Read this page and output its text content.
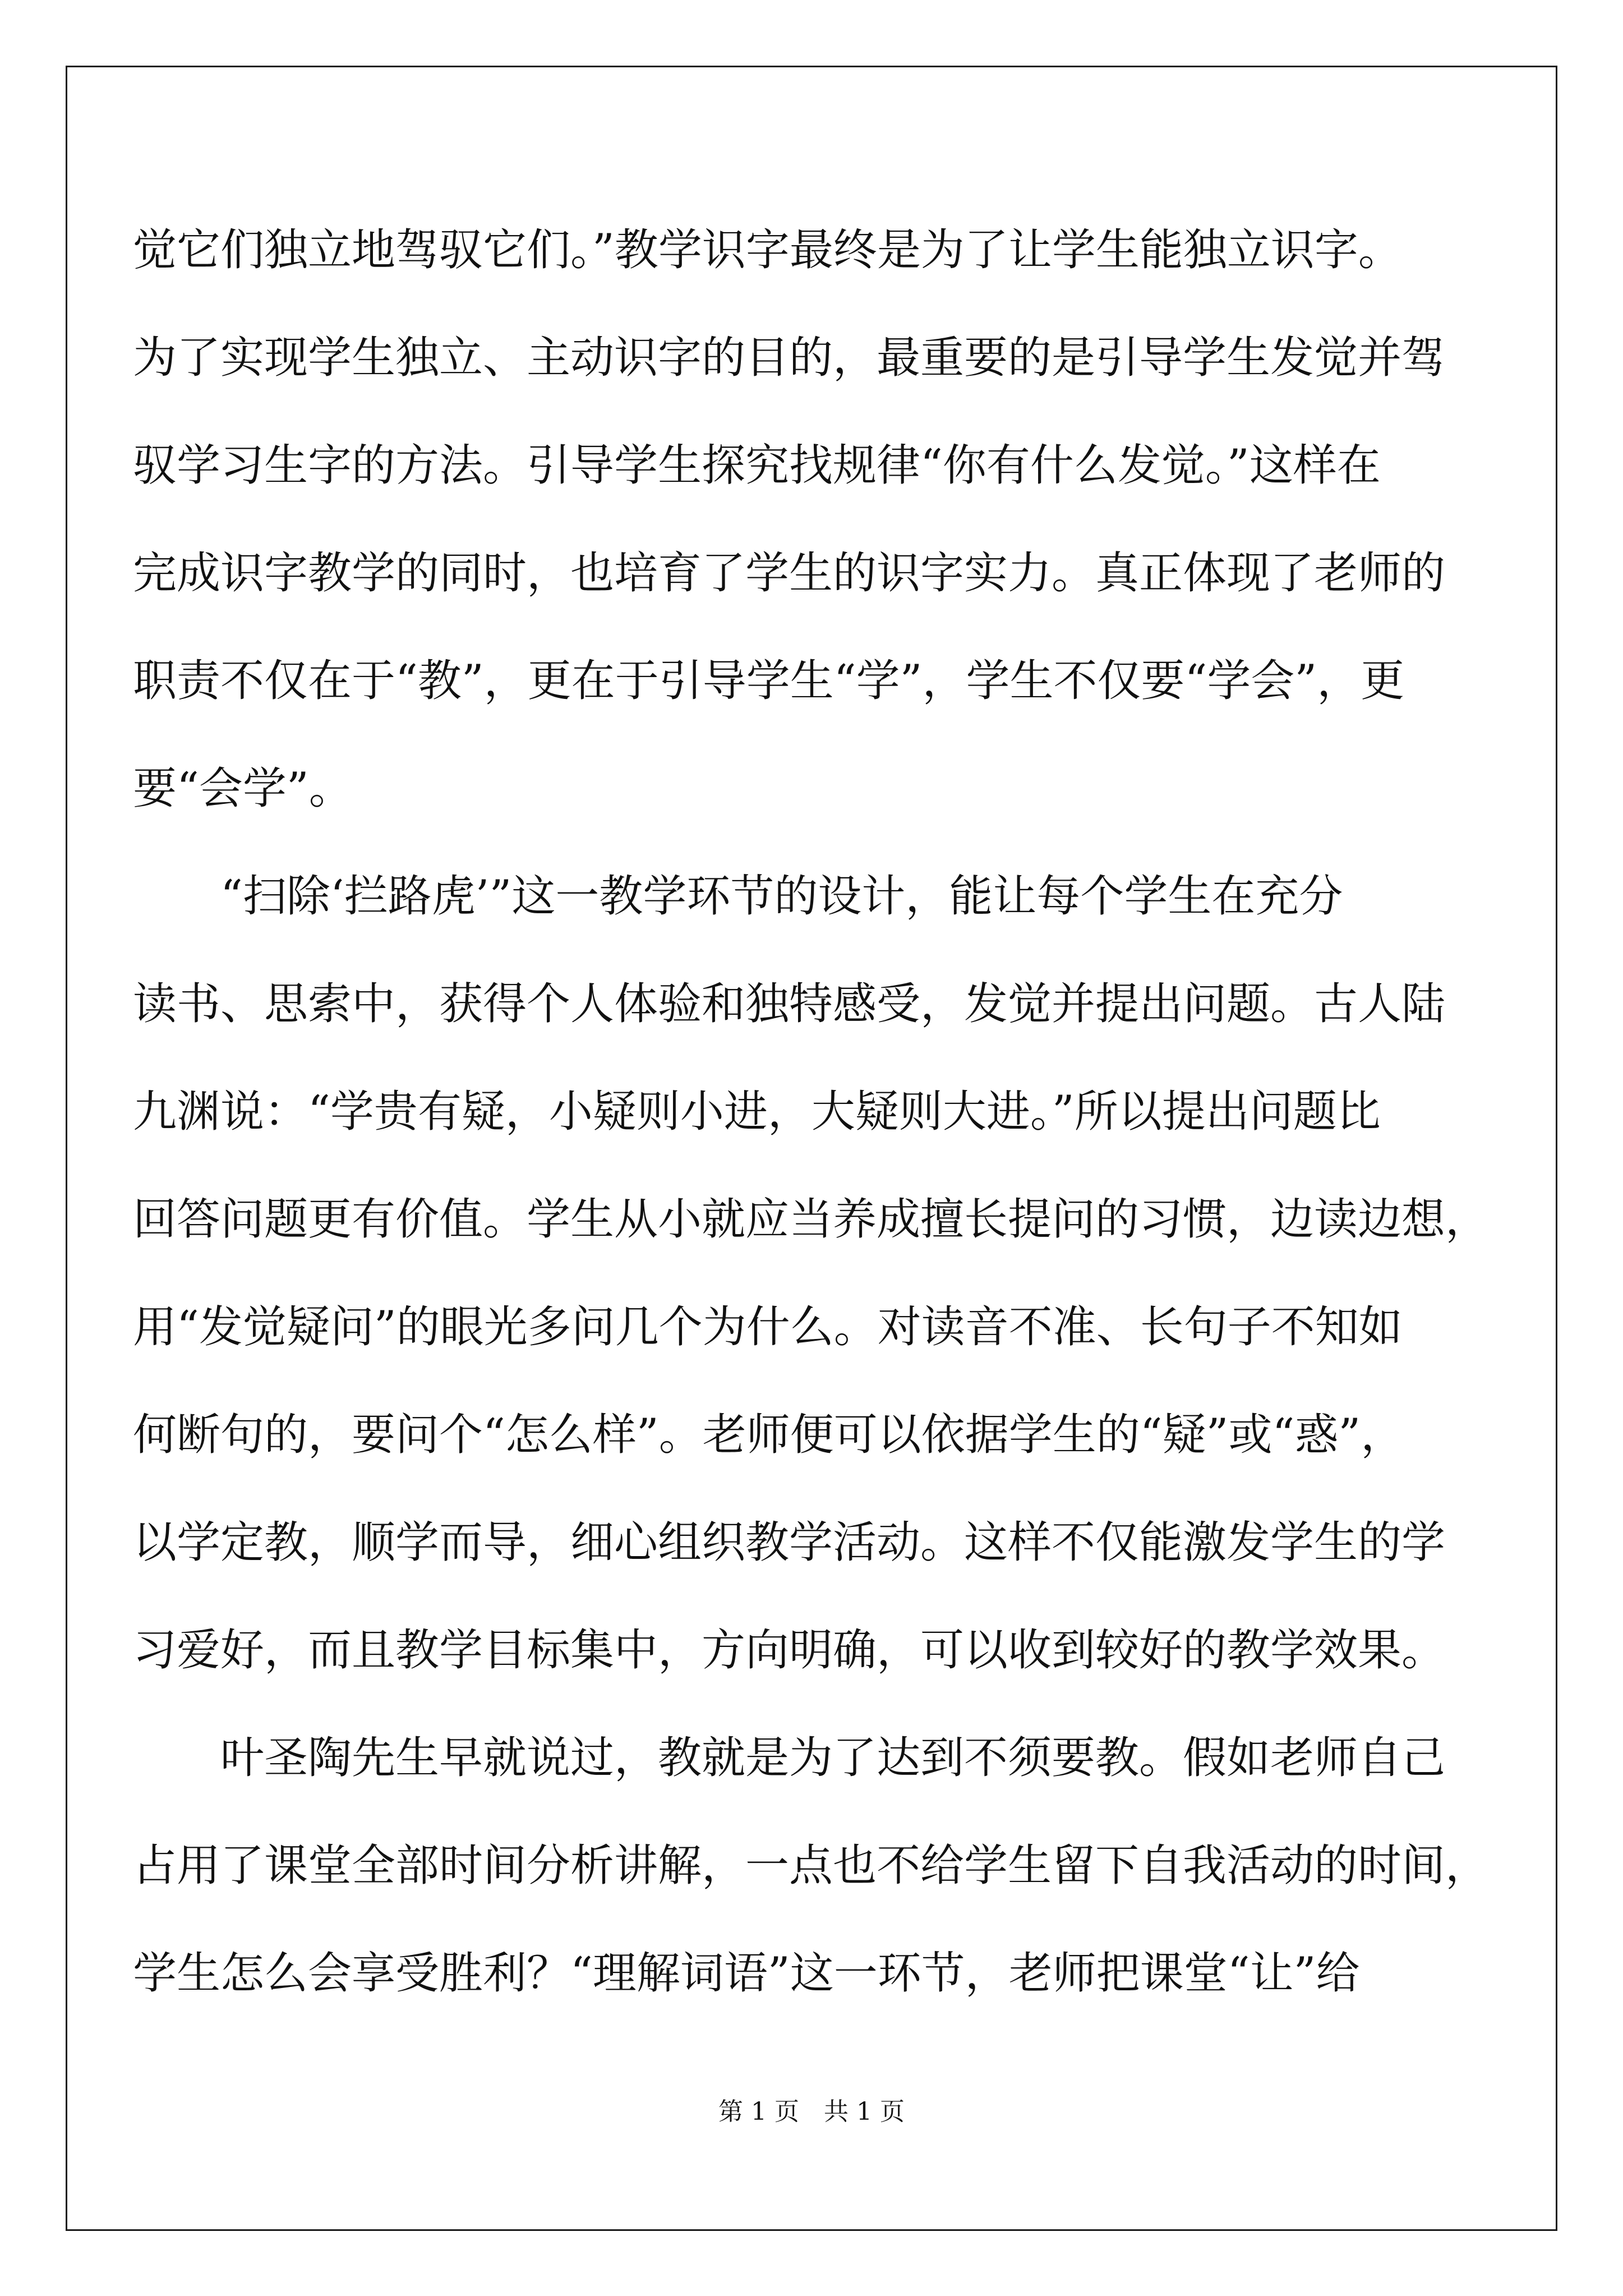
觉它们独立地驾驭它们。”教学识字最终是为了让学生能独立识字。
为了实现学生独立、主动识字的目的，最重要的是引导学生发觉并驾
驭学习生字的方法。引导学生探究找规律“你有什么发觉。”这样在
完成识字教学的同时，也培育了学生的识字实力。真正体现了老师的
职责不仅在于“教”，更在于引导学生“学”，学生不仅要“学会”，更
要“会学”。
　　“扫除‘拦路虎’”这一教学环节的设计，能让每个学生在充分
读书、思索中，获得个人体验和独特感受，发觉并提出问题。古人陆
九渊说：“学贵有疑，小疑则小进，大疑则大进。”所以提出问题比
回答问题更有价值。学生从小就应当养成擅长提问的习惯，边读边想，
用“发觉疑问”的眼光多问几个为什么。对读音不准、长句子不知如
何断句的，要问个“怎么样”。老师便可以依据学生的“疑”或“惑”，
以学定教，顺学而导，细心组织教学活动。这样不仅能激发学生的学
习爱好，而且教学目标集中，方向明确，可以收到较好的教学效果。
　　叶圣陶先生早就说过，教就是为了达到不须要教。假如老师自己
占用了课堂全部时间分析讲解，一点也不给学生留下自我活动的时间，
学生怎么会享受胜利？“理解词语”这一环节，老师把课堂“让”给
第 1 页　共 1 页
